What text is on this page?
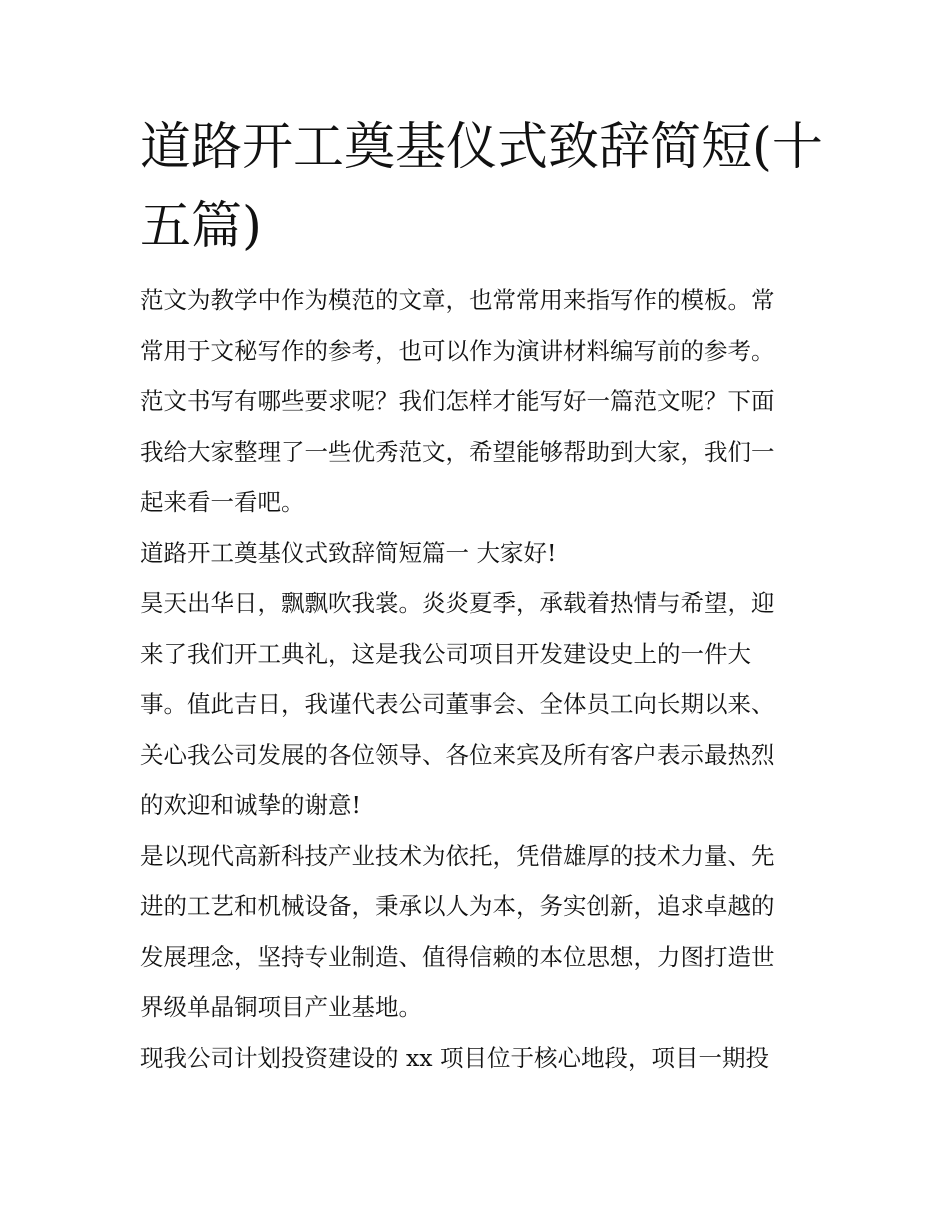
道路开工奠基仪式致辞简短(十
五篇)

范文为教学中作为模范的文章，也常常用来指写作的模板。常
常用于文秘写作的参考，也可以作为演讲材料编写前的参考。
范文书写有哪些要求呢？我们怎样才能写好一篇范文呢？下面
我给大家整理了一些优秀范文，希望能够帮助到大家，我们一
起来看一看吧。

道路开工奠基仪式致辞简短篇一 大家好!

昊天出华日，飘飘吹我裳。炎炎夏季，承载着热情与希望，迎
来了我们开工典礼，这是我公司项目开发建设史上的一件大
事。值此吉日，我谨代表公司董事会、全体员工向长期以来、
关心我公司发展的各位领导、各位来宾及所有客户表示最热烈
的欢迎和诚挚的谢意!

是以现代高新科技产业技术为依托，凭借雄厚的技术力量、先
进的工艺和机械设备，秉承以人为本，务实创新，追求卓越的
发展理念，坚持专业制造、值得信赖的本位思想，力图打造世
界级单晶铜项目产业基地。

现我公司计划投资建设的 xx 项目位于核心地段，项目一期投
